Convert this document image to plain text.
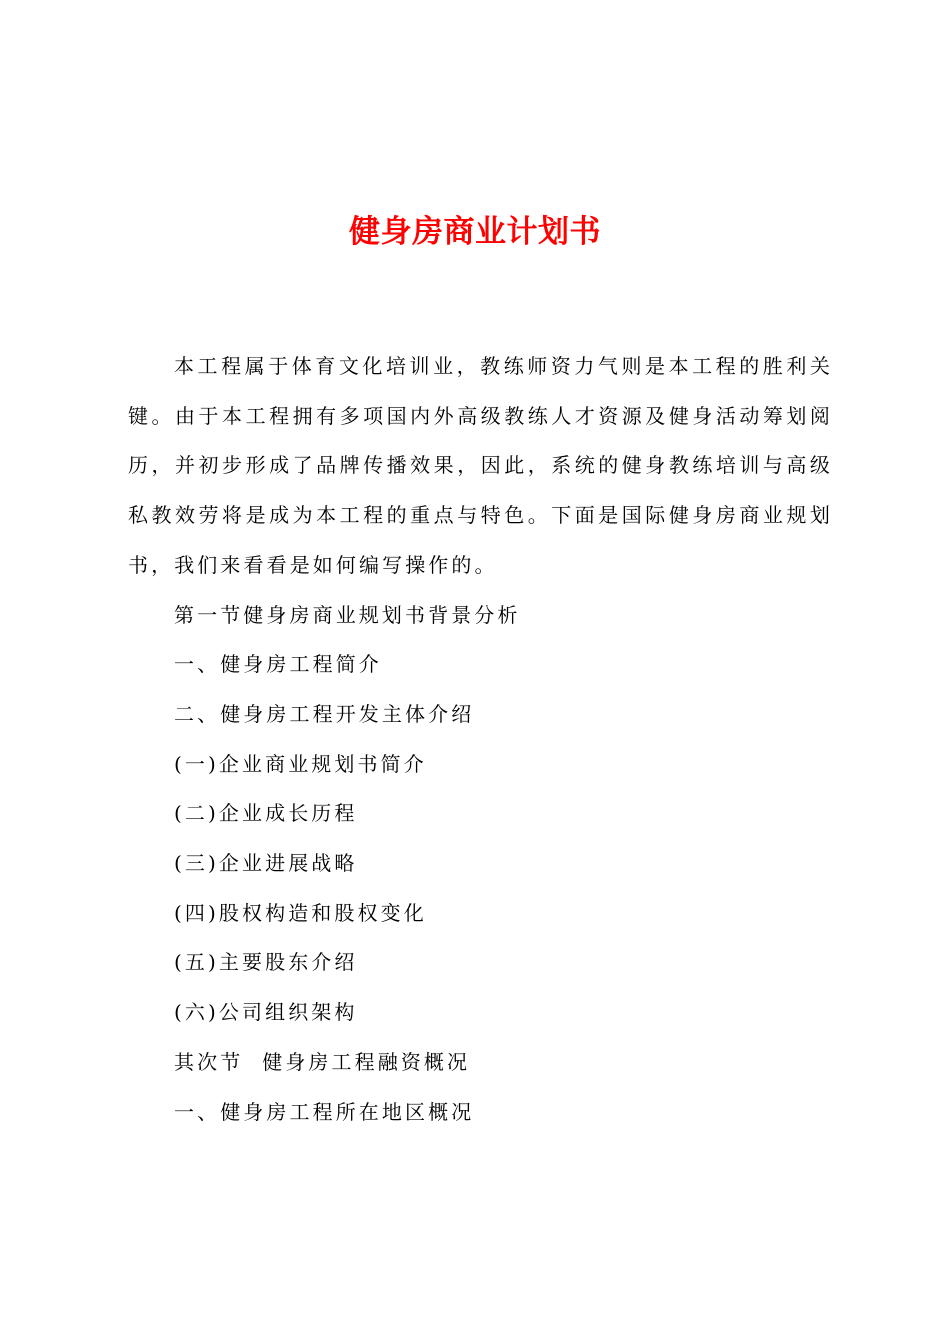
健身房商业计划书

本工程属于体育文化培训业，教练师资力气则是本工程的胜利关键。由于本工程拥有多项国内外高级教练人才资源及健身活动筹划阅历，并初步形成了品牌传播效果，因此，系统的健身教练培训与高级私教效劳将是成为本工程的重点与特色。下面是国际健身房商业规划书，我们来看看是如何编写操作的。

第一节健身房商业规划书背景分析

一、健身房工程简介

二、健身房工程开发主体介绍

(一)企业商业规划书简介

(二)企业成长历程

(三)企业进展战略

(四)股权构造和股权变化

(五)主要股东介绍

(六)公司组织架构

其次节  健身房工程融资概况

一、健身房工程所在地区概况
